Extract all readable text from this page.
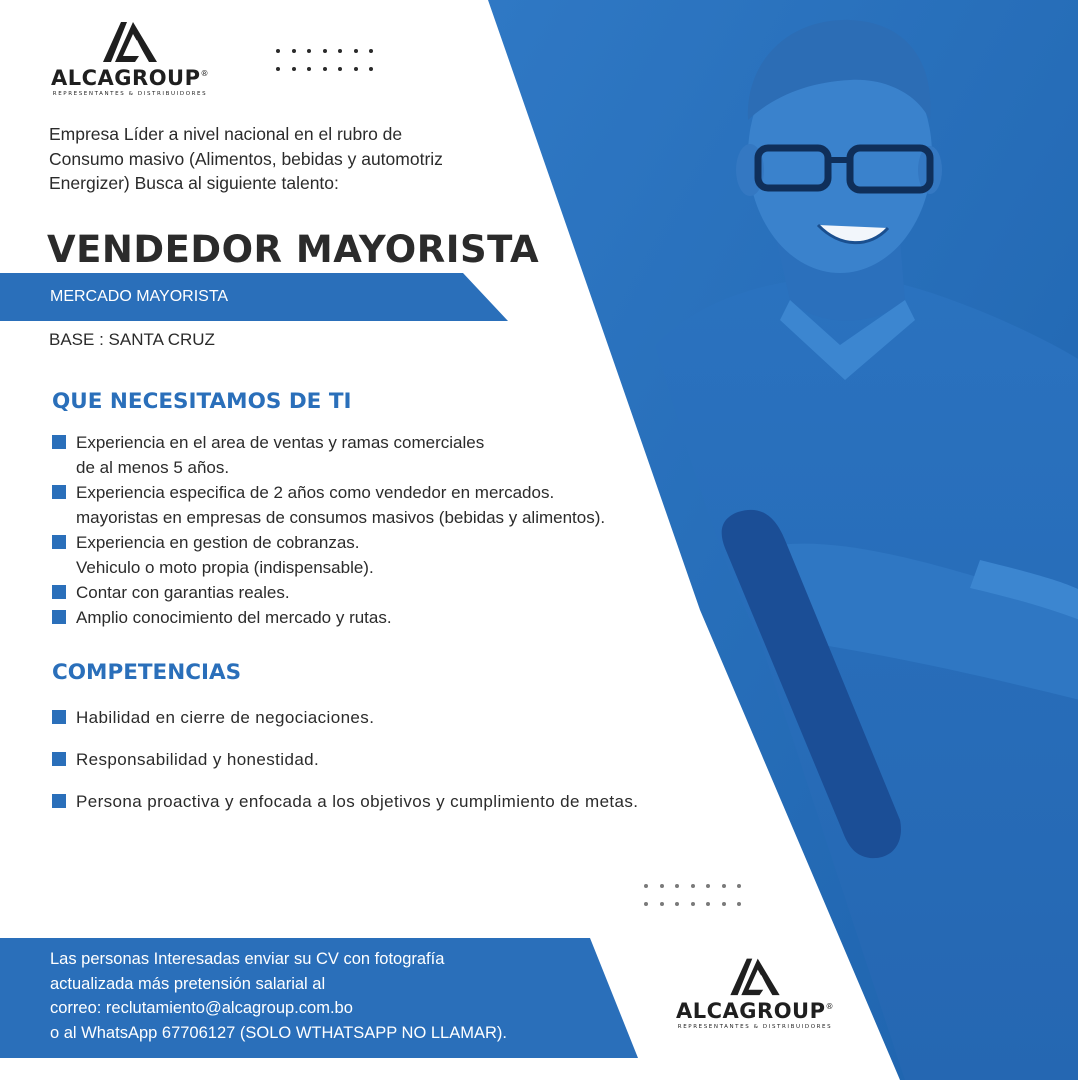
ALCAGROUP®
REPRESENTANTES & DISTRIBUIDORES
Empresa Líder a nivel nacional en el rubro de
Consumo masivo (Alimentos, bebidas y automotriz
Energizer) Busca al siguiente talento:
VENDEDOR MAYORISTA
MERCADO MAYORISTA
BASE : SANTA CRUZ
QUE NECESITAMOS DE TI
Experiencia en el area de ventas y ramas comerciales
de al menos 5 años.
Experiencia especifica de 2 años como vendedor en mercados.
mayoristas en empresas de consumos masivos (bebidas y alimentos).
Experiencia en gestion de cobranzas.
Vehiculo o moto propia (indispensable).
Contar con garantias reales.
Amplio conocimiento del mercado y rutas.
COMPETENCIAS
Habilidad en cierre de negociaciones.
Responsabilidad y honestidad.
Persona proactiva y enfocada a los objetivos y cumplimiento de metas.
Las personas Interesadas enviar su CV con fotografía
actualizada más pretensión salarial al
correo: reclutamiento@alcagroup.com.bo
o al WhatsApp 67706127 (SOLO WTHATSAPP NO LLAMAR).
ALCAGROUP®
REPRESENTANTES & DISTRIBUIDORES
